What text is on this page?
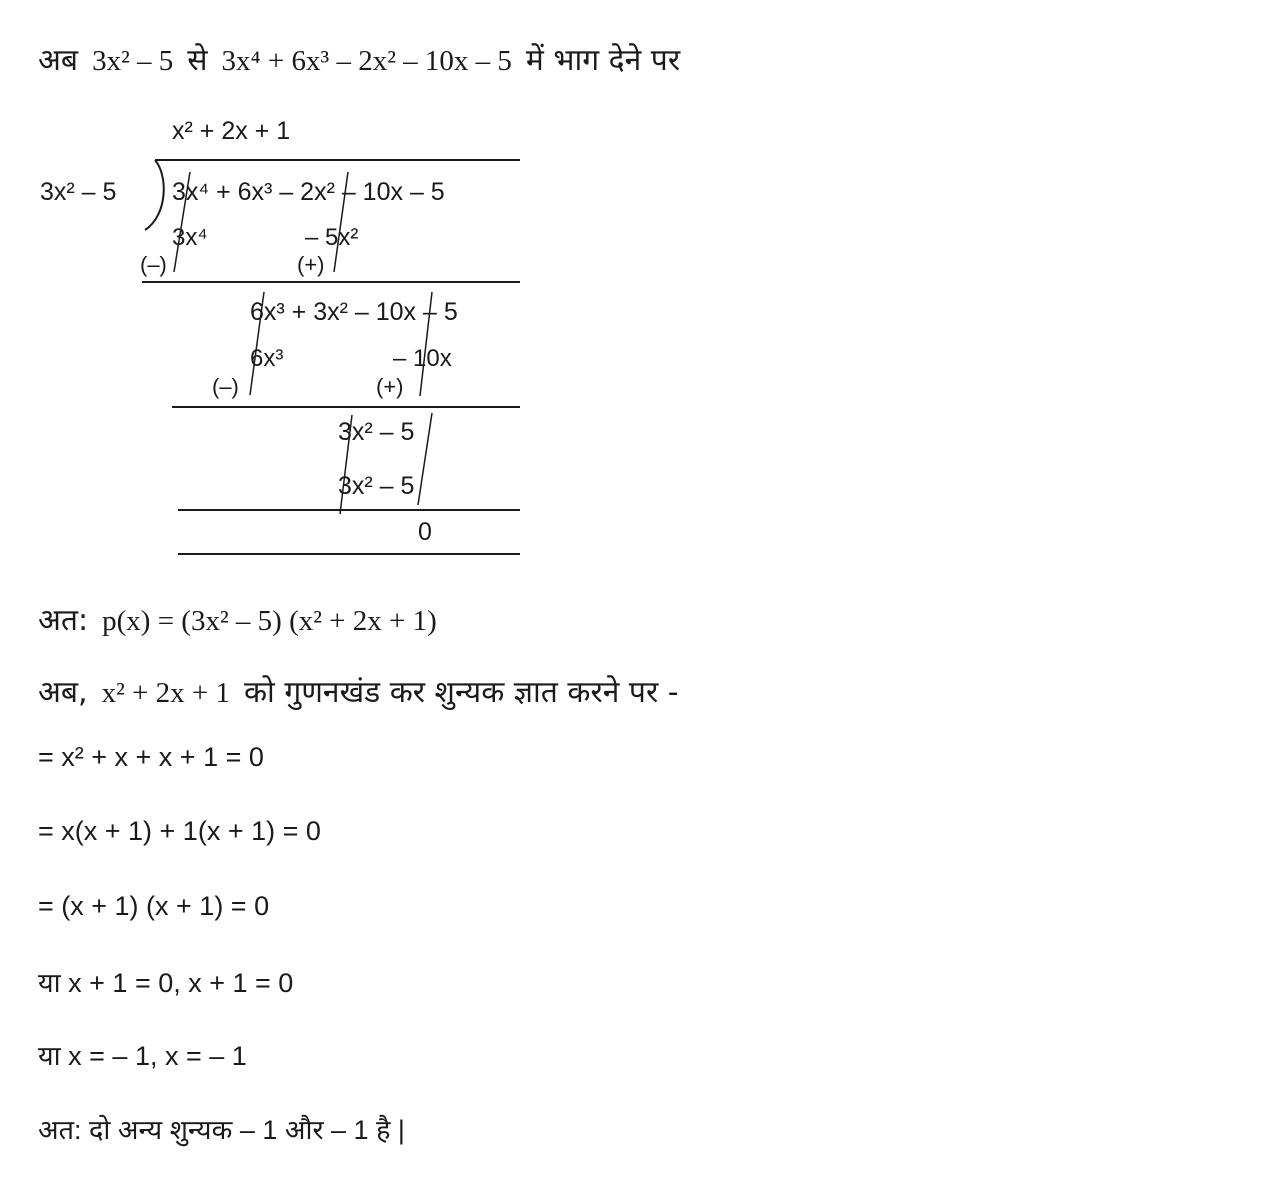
अब 3x² – 5 से 3x⁴ + 6x³ – 2x² – 10x – 5 में भाग देने पर
x² + 2x + 1
3x² – 5 3x⁴ + 6x³ – 2x² – 10x – 5
3x⁴	– 5x²
(–)	(+)
6x³ + 3x² – 10x – 5
6x³	– 10x
(–)	(+)
3x² – 5
3x² – 5
0
अत: p(x) = (3x² – 5) (x² + 2x + 1)
अब, x² + 2x + 1 को गुणनखंड कर शुन्यक ज्ञात करने पर -
= x² + x + x + 1 = 0
= x(x + 1) + 1(x + 1) = 0
= (x + 1) (x + 1) = 0
या x + 1 = 0, x + 1 = 0
या x = – 1, x = – 1
अत: दो अन्य शुन्यक – 1 और – 1 है |
